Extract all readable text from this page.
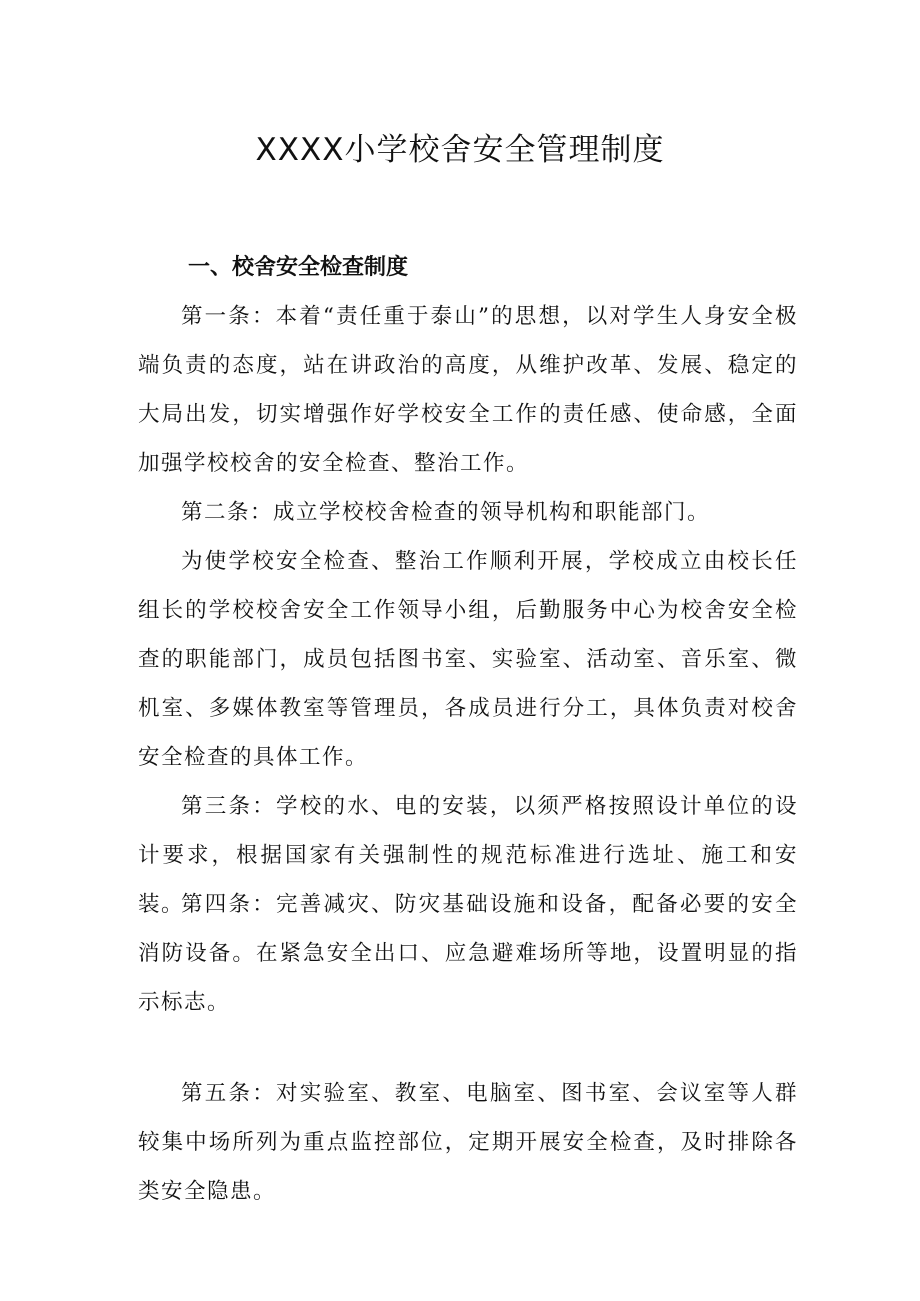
XXXX小学校舍安全管理制度
一、校舍安全检查制度

第一条：本着“责任重于泰山”的思想，以对学生人身安全极端负责的态度，站在讲政治的高度，从维护改革、发展、稳定的大局出发，切实增强作好学校安全工作的责任感、使命感，全面加强学校校舍的安全检查、整治工作。

第二条：成立学校校舍检查的领导机构和职能部门。

为使学校安全检查、整治工作顺利开展，学校成立由校长任组长的学校校舍安全工作领导小组，后勤服务中心为校舍安全检查的职能部门，成员包括图书室、实验室、活动室、音乐室、微机室、多媒体教室等管理员，各成员进行分工，具体负责对校舍安全检查的具体工作。

第三条：学校的水、电的安装，以须严格按照设计单位的设计要求，根据国家有关强制性的规范标准进行选址、施工和安装。

第四条：完善减灾、防灾基础设施和设备，配备必要的安全消防设备。在紧急安全出口、应急避难场所等地，设置明显的指示标志。

第五条：对实验室、教室、电脑室、图书室、会议室等人群较集中场所列为重点监控部位，定期开展安全检查，及时排除各类安全隐患。
